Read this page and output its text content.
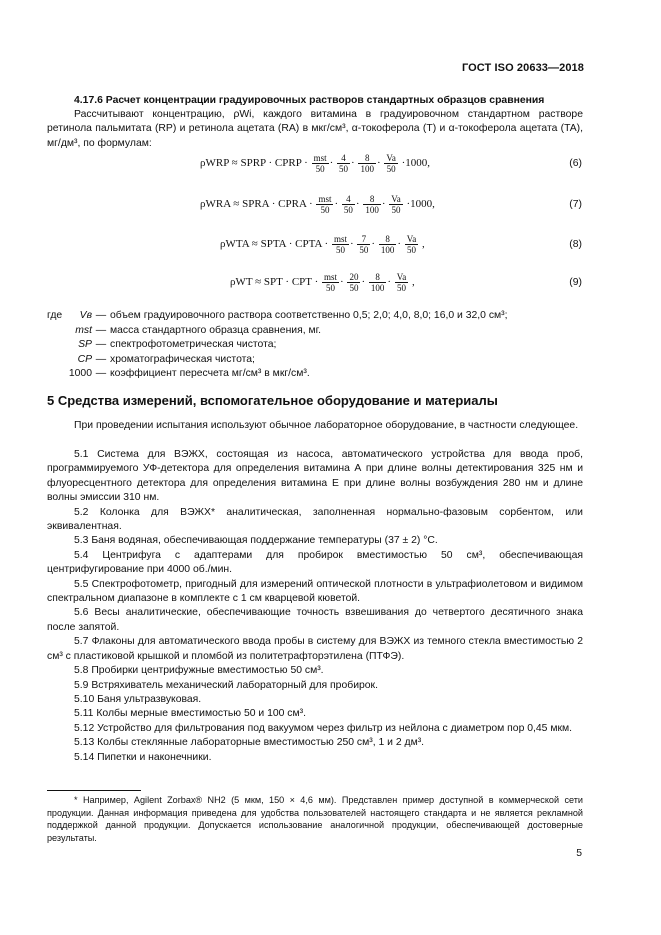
ГОСТ ISO 20633—2018
4.17.6 Расчет концентрации градуировочных растворов стандартных образцов сравнения
Рассчитывают концентрацию, ρWi, каждого витамина в градуировочном стандартном растворе ретинола пальмитата (RP) и ретинола ацетата (RA) в мкг/см³, α-токоферола (T) и α-токоферола ацетата (TA), мг/дм³, по формулам:
ρWRP ≈ SPRP · CPRP · mst
$50 \cdot \frac{4}{50} \cdot \frac{8}{100} \cdot \frac{Va}{50} \cdot 1000$,	(6)
ρWRA ≈ SPRA · CPRA · mst
$50 \cdot \frac{4}{50} \cdot \frac{8}{100} \cdot \frac{Va}{50} \cdot 1000$,	(7)
ρWTA ≈ SPTA · CPTA · mst
$50 \cdot \frac{7}{50} \cdot \frac{8}{100} \cdot \frac{Va}{50}$ ,	(8)
ρWT ≈ SPT · CPT · mst
$50 \cdot \frac{20}{50} \cdot \frac{8}{100} \cdot \frac{Va}{50}$ ,	(9)
где Vв — объем градуировочного раствора соответственно 0,5; 2,0; 4,0, 8,0; 16,0 и 32,0 см³;
mst — масса стандартного образца сравнения, мг.
SP — спектрофотометрическая чистота;
CP — хроматографическая чистота;
1000 — коэффициент пересчета мг/см³ в мкг/см³.
5 Средства измерений, вспомогательное оборудование и материалы
При проведении испытания используют обычное лабораторное оборудование, в частности следующее.
5.1 Система для ВЭЖХ, состоящая из насоса, автоматического устройства для ввода проб, программируемого УФ-детектора для определения витамина А при длине волны детектирования 325 нм и флуоресцентного детектора для определения витамина Е при длине волны возбуждения 280 нм и длине волны эмиссии 310 нм.
5.2 Колонка для ВЭЖХ* аналитическая, заполненная нормально-фазовым сорбентом, или эквивалентная.
5.3 Баня водяная, обеспечивающая поддержание температуры (37 ± 2) °С.
5.4 Центрифуга с адаптерами для пробирок вместимостью 50 см³, обеспечивающая центрифугирование при 4000 об./мин.
5.5 Спектрофотометр, пригодный для измерений оптической плотности в ультрафиолетовом и видимом спектральном диапазоне в комплекте с 1 см кварцевой кюветой.
5.6 Весы аналитические, обеспечивающие точность взвешивания до четвертого десятичного знака после запятой.
5.7 Флаконы для автоматического ввода пробы в систему для ВЭЖХ из темного стекла вместимостью 2 см³ с пластиковой крышкой и пломбой из политетрафторэтилена (ПТФЭ).
5.8 Пробирки центрифужные вместимостью 50 см³.
5.9 Встряхиватель механический лабораторный для пробирок.
5.10 Баня ультразвуковая.
5.11 Колбы мерные вместимостью 50 и 100 см³.
5.12 Устройство для фильтрования под вакуумом через фильтр из нейлона с диаметром пор 0,45 мкм.
5.13 Колбы стеклянные лабораторные вместимостью 250 см³, 1 и 2 дм³.
5.14 Пипетки и наконечники.
* Например, Agilent Zorbax® NH2 (5 мкм, 150 × 4,6 мм). Представлен пример доступной в коммерческой сети продукции. Данная информация приведена для удобства пользователей настоящего стандарта и не является рекламной поддержкой данной продукции. Допускается использование аналогичной продукции, обеспечивающей достоверные результаты.
5
